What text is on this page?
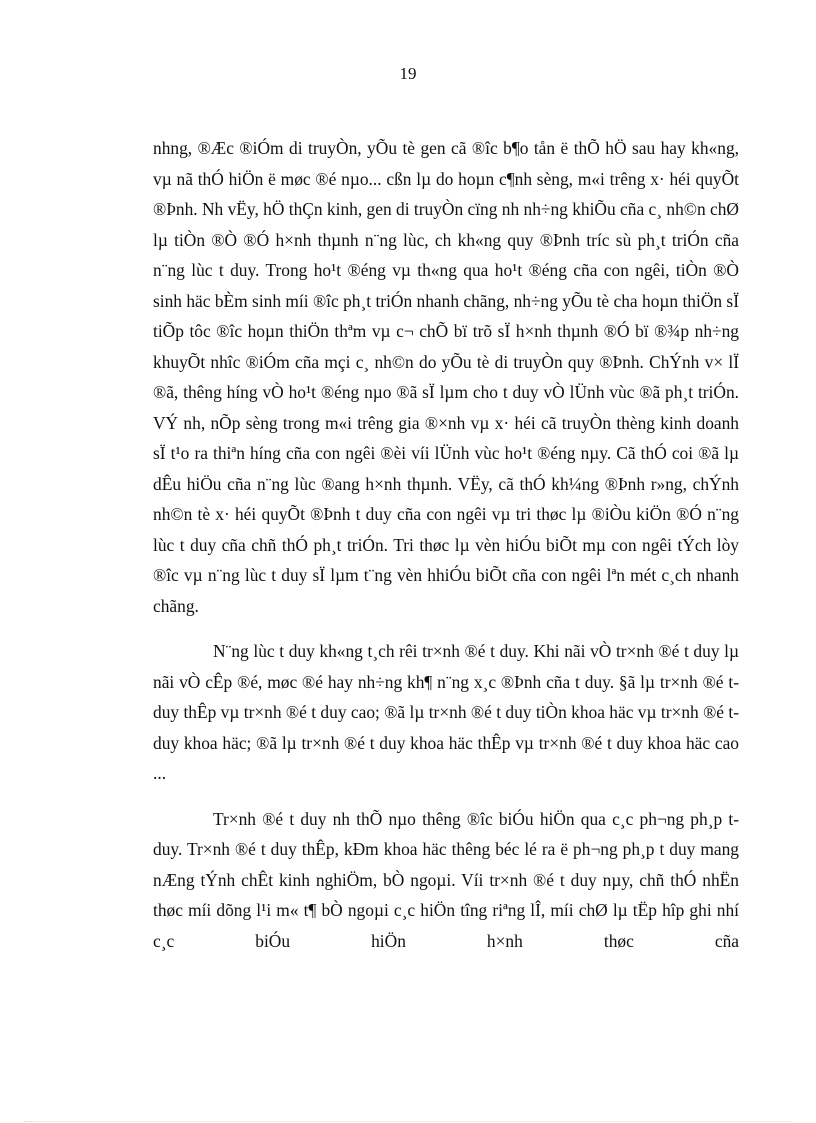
19

nhng, ®Æc ®iÓm di truyÒn, yÕu tè gen cã ®îc b¶o tån ë thÕ hÖ sau hay kh«ng, vµ nã thÓ hiÖn ë møc ®é nµo... cßn lµ do hoµn c¶nh sèng, m«i trêng x· héi quyÕt ®Þnh. Nh vËy, hÖ thÇn kinh, gen di truyÒn cïng nh nh÷ng khiÕu cña c¸ nh©n chØ lµ tiÒn ®Ò ®Ó h×nh thµnh n¨ng lùc, ch kh«ng quy ®Þnh tríc sù ph¸t triÓn cña n¨ng lùc t duy. Trong ho¹t ®éng vµ th«ng qua ho¹t ®éng cña con ngêi, tiÒn ®Ò sinh häc bÈm sinh míi ®îc ph¸t triÓn nhanh chãng, nh÷ng yÕu tè cha hoµn thiÖn sÏ tiÕp tôc ®îc hoµn thiÖn thªm vµ c¬ chÕ bï trõ sÏ h×nh thµnh ®Ó bï ®¾p nh÷ng khuyÕt nhîc ®iÓm cña mçi c¸ nh©n do yÕu tè di truyÒn quy ®Þnh. ChÝnh v× lÏ ®ã, thêng híng vÒ ho¹t ®éng nµo ®ã sÏ lµm cho t duy vÒ lÜnh vùc ®ã ph¸t triÓn. VÝ nh, nÕp sèng trong m«i trêng gia ®×nh vµ x· héi cã truyÒn thèng kinh doanh sÏ t¹o ra thiªn híng cña con ngêi ®èi víi lÜnh vùc ho¹t ®éng nµy. Cã thÓ coi ®ã lµ dÊu hiÖu cña n¨ng lùc ®ang h×nh thµnh. VËy, cã thÓ kh¼ng ®Þnh r»ng, chÝnh nh©n tè x· héi quyÕt ®Þnh t duy cña con ngêi vµ tri thøc lµ ®iÒu kiÖn ®Ó n¨ng lùc t duy cña chñ thÓ ph¸t triÓn. Tri thøc lµ vèn hiÓu biÕt mµ con ngêi tÝch lòy ®îc vµ n¨ng lùc t duy sÏ lµm t¨ng vèn hhiÓu biÕt cña con ngêi lªn mét c¸ch nhanh chãng.

N¨ng lùc t duy kh«ng t¸ch rêi tr×nh ®é t duy. Khi nãi vÒ tr×nh ®é t duy lµ nãi vÒ cÊp ®é, møc ®é hay nh÷ng kh¶ n¨ng x¸c ®Þnh cña t duy. §ã lµ tr×nh ®é t duy thÊp vµ tr×nh ®é t duy cao; ®ã lµ tr×nh ®é t duy tiÒn khoa häc vµ tr×nh ®é t duy khoa häc; ®ã lµ tr×nh ®é t duy khoa häc thÊp vµ tr×nh ®é t duy khoa häc cao ...

Tr×nh ®é t duy nh thÕ nµo thêng ®îc biÓu hiÖn qua c¸c ph¬ng ph¸p t duy. Tr×nh ®é t duy thÊp, kÐm khoa häc thêng béc lé ra ë ph¬ng ph¸p t duy mang nÆng tÝnh chÊt kinh nghiÖm, bÒ ngoµi. Víi tr×nh ®é t duy nµy, chñ thÓ nhËn thøc míi dõng l¹i m« t¶ bÒ ngoµi c¸c hiÖn tîng riªng lÎ, míi chØ lµ tËp hîp ghi nhí c¸c biÓu hiÖn h×nh thøc cña
